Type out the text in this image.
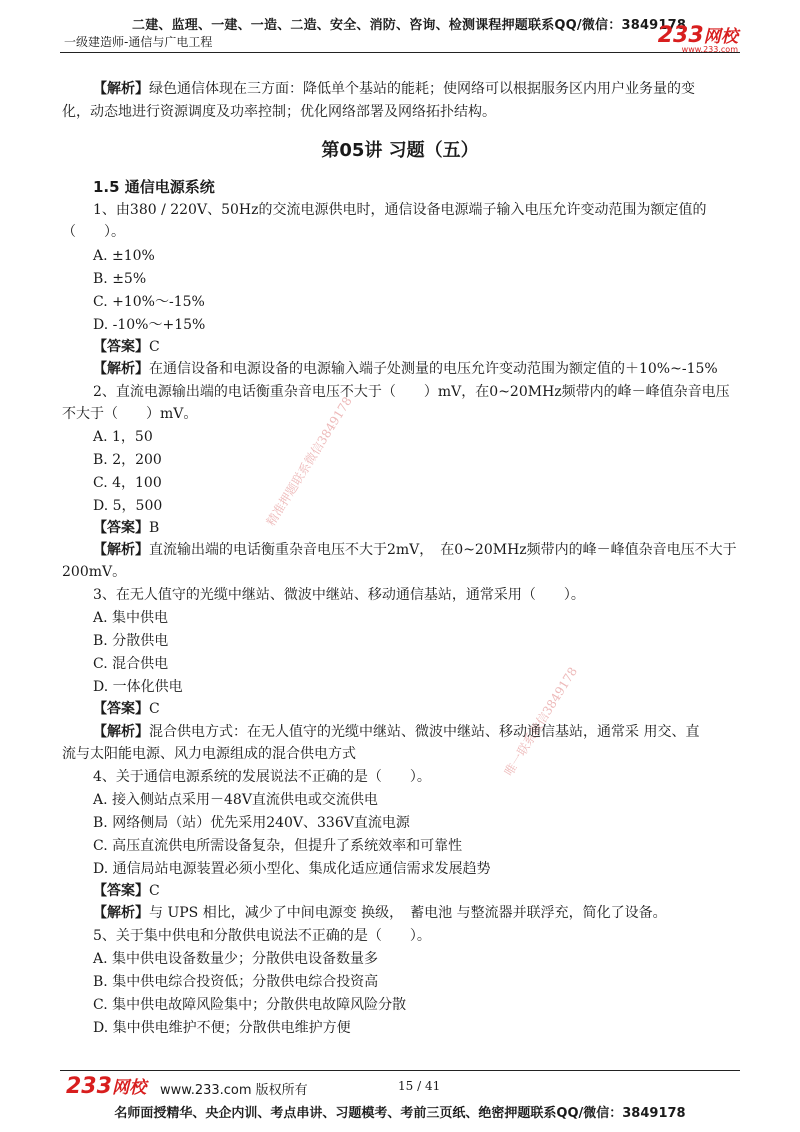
二建、监理、一建、一造、二造、安全、消防、咨询、检测课程押题联系QQ/微信：3849178
一级建造师-通信与广电工程	233网校
www.233.com
精准押题联系微信3849178
唯一联系微信3849178
【解析】绿色通信体现在三方面：降低单个基站的能耗；使网络可以根据服务区内用户业务量的变
化，动态地进行资源调度及功率控制；优化网络部署及网络拓扑结构。
第05讲 习题（五）
1.5 通信电源系统
1、由380 / 220V、50Hz的交流电源供电时，通信设备电源端子输入电压允许变动范围为额定值的
（　　）。
A. ±10%
B. ±5%
C. +10%～-15%
D. -10%～+15%
【答案】C
【解析】在通信设备和电源设备的电源输入端子处测量的电压允许变动范围为额定值的＋10%~-15%
2、直流电源输出端的电话衡重杂音电压不大于（　　）mV，在0~20MHz频带内的峰－峰值杂音电压
不大于（　　）mV。
A. 1，50
B. 2，200
C. 4，100
D. 5，500
【答案】B
【解析】直流输出端的电话衡重杂音电压不大于2mV，　在0~20MHz频带内的峰－峰值杂音电压不大于
200mV。
3、在无人值守的光缆中继站、微波中继站、移动通信基站，通常采用（　　）。
A. 集中供电
B. 分散供电
C. 混合供电
D. 一体化供电
【答案】C
【解析】混合供电方式：在无人值守的光缆中继站、微波中继站、移动通信基站，通常采 用交、直
流与太阳能电源、风力电源组成的混合供电方式
4、关于通信电源系统的发展说法不正确的是（　　）。
A. 接入侧站点采用－48V直流供电或交流供电
B. 网络侧局（站）优先采用240V、336V直流电源
C. 高压直流供电所需设备复杂，但提升了系统效率和可靠性
D. 通信局站电源装置必须小型化、集成化适应通信需求发展趋势
【答案】C
【解析】与 UPS 相比，减少了中间电源变 换级，　蓄电池 与整流器并联浮充，简化了设备。
5、关于集中供电和分散供电说法不正确的是（　　）。
A. 集中供电设备数量少；分散供电设备数量多
B. 集中供电综合投资低；分散供电综合投资高
C. 集中供电故障风险集中；分散供电故障风险分散
D. 集中供电维护不便；分散供电维护方便
233网校 www.233.com 版权所有	15 / 41
名师面授精华、央企内训、考点串讲、习题模考、考前三页纸、绝密押题联系QQ/微信：3849178
